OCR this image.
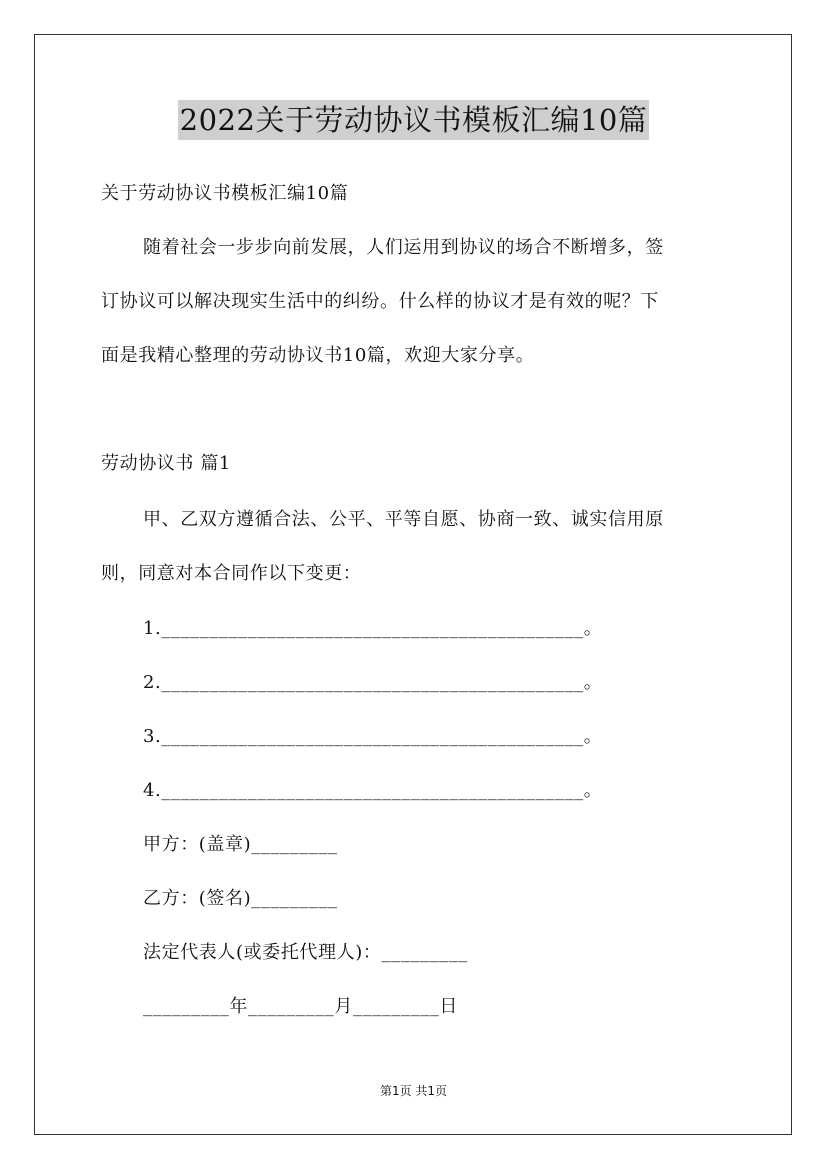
2022关于劳动协议书模板汇编10篇
关于劳动协议书模板汇编10篇
随着社会一步步向前发展，人们运用到协议的场合不断增多，签
订协议可以解决现实生活中的纠纷。什么样的协议才是有效的呢？下
面是我精心整理的劳动协议书10篇，欢迎大家分享。
劳动协议书 篇1
甲、乙双方遵循合法、公平、平等自愿、协商一致、诚实信用原
则，同意对本合同作以下变更：
1.____________________________________________。
2.____________________________________________。
3.____________________________________________。
4.____________________________________________。
甲方：(盖章)_________
乙方：(签名)_________
法定代表人(或委托代理人)：_________
_________年_________月_________日
第1页 共1页
